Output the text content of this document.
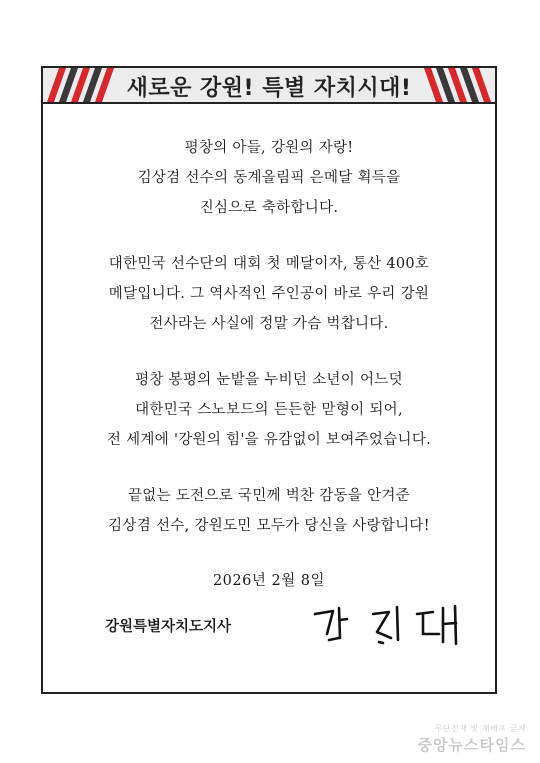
새로운 강원! 특별 자치시대!
평창의 아들, 강원의 자랑!
김상겸 선수의 동계올림픽 은메달 획득을
진심으로 축하합니다.
대한민국 선수단의 대회 첫 메달이자, 통산 400호
메달입니다. 그 역사적인 주인공이 바로 우리 강원
전사라는 사실에 정말 가슴 벅찹니다.
평창 봉평의 눈밭을 누비던 소년이 어느덧
대한민국 스노보드의 든든한 맏형이 되어,
전 세계에 '강원의 힘'을 유감없이 보여주었습니다.
끝없는 도전으로 국민께 벅찬 감동을 안겨준
김상겸 선수, 강원도민 모두가 당신을 사랑합니다!
2026년 2월 8일
강원특별자치도지사
무단전재 및 재배포 금지
중앙뉴스타임스
